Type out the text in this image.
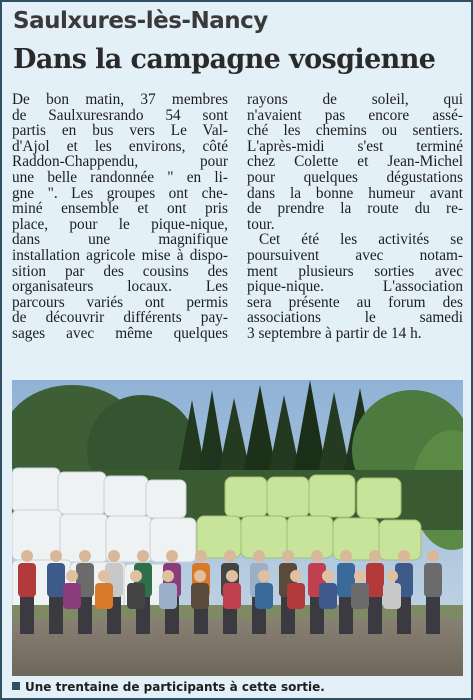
Saulxures-lès-Nancy
Dans la campagne vosgienne
De bon matin, 37 membres
de Saulxuresrando 54 sont
partis en bus vers Le Val-
d'Ajol et les environs, côté
Raddon-Chappendu, pour
une belle randonnée " en li-
gne ". Les groupes ont che-
miné ensemble et ont pris
place, pour le pique-nique,
dans une magnifique
installation agricole mise à dispo-
sition par des cousins des
organisateurs locaux. Les
parcours variés ont permis
de découvrir différents pay-
sages avec même quelques
rayons de soleil, qui
n'avaient pas encore assé-
ché les chemins ou sentiers.
L'après-midi s'est terminé
chez Colette et Jean-Michel
pour quelques dégustations
dans la bonne humeur avant
de prendre la route du re-
tour.
Cet été les activités se
poursuivent avec notam-
ment plusieurs sorties avec
pique-nique. L'association
sera présente au forum des
associations le samedi
3 septembre à partir de 14 h.
Une trentaine de participants à cette sortie.
